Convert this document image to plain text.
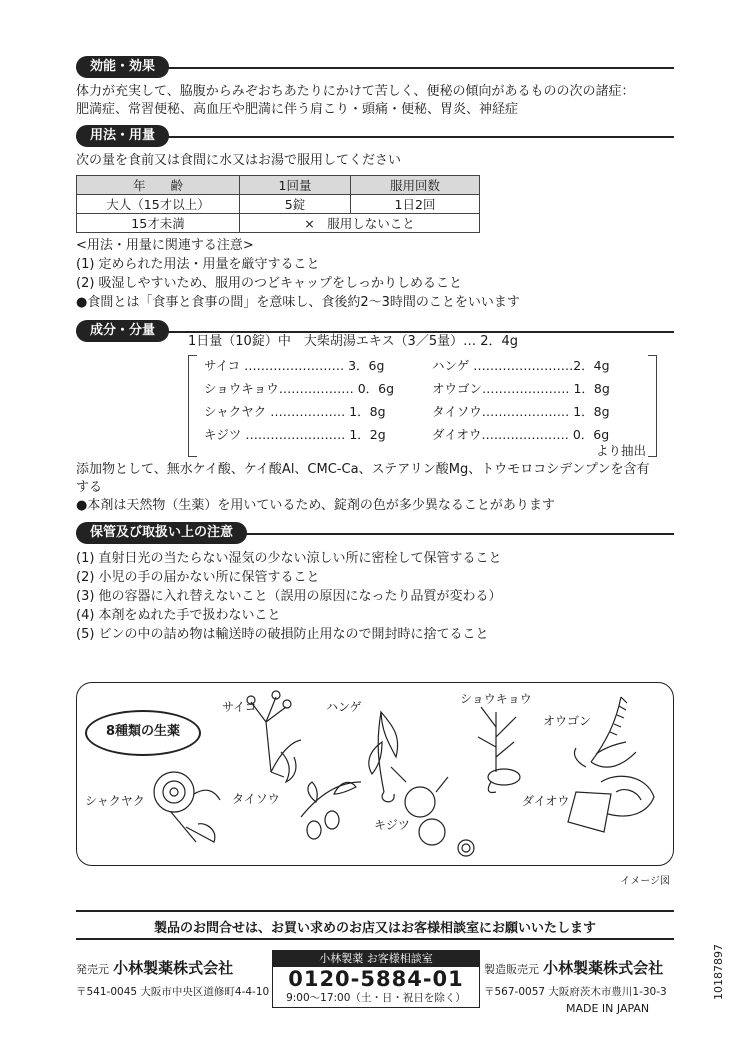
効能・効果
体力が充実して、脇腹からみぞおちあたりにかけて苦しく、便秘の傾向があるものの次の諸症：
肥満症、常習便秘、高血圧や肥満に伴う肩こり・頭痛・便秘、胃炎、神経症
用法・用量
次の量を食前又は食間に水又はお湯で服用してください
年　　齢	1回量	服用回数
大人（15才以上）	5錠	1日2回
15才未満	×　服用しないこと	
<用法・用量に関連する注意>
(1) 定められた用法・用量を厳守すること
(2) 吸湿しやすいため、服用のつどキャップをしっかりしめること
●食間とは「食事と食事の間」を意味し、食後約2〜3時間のことをいいます
成分・分量
1日量（10錠）中　大柴胡湯エキス（3／5量）… 2．4g
サイコ …………………… 3．6g
ショウキョウ……………… 0．6g
シャクヤク ……………… 1．8g
キジツ …………………… 1．2g
ハンゲ ……………………2．4g
オウゴン………………… 1．8g
タイソウ………………… 1．8g
ダイオウ………………… 0．6g
より抽出
添加物として、無水ケイ酸、ケイ酸Al、CMC-Ca、ステアリン酸Mg、トウモロコシデンプンを含有
する
●本剤は天然物（生薬）を用いているため、錠剤の色が多少異なることがあります
保管及び取扱い上の注意
(1) 直射日光の当たらない湿気の少ない涼しい所に密栓して保管すること
(2) 小児の手の届かない所に保管すること
(3) 他の容器に入れ替えないこと（誤用の原因になったり品質が変わる）
(4) 本剤をぬれた手で扱わないこと
(5) ビンの中の詰め物は輸送時の破損防止用なので開封時に捨てること
8種類の生薬
サイコ	ハンゲ
ショウキョウ
オウゴン
シャクヤク	タイソウ
キジツ
ダイオウ
イメージ図
製品のお問合せは、お買い求めのお店又はお客様相談室にお願いいたします
発売元 小林製薬株式会社
〒541-0045 大阪市中央区道修町4-4-10
小林製薬 お客様相談室
0120-5884-01
9:00〜17:00（土・日・祝日を除く）
製造販売元 小林製薬株式会社
〒567-0057 大阪府茨木市豊川1-30-3
MADE IN JAPAN
10187897
